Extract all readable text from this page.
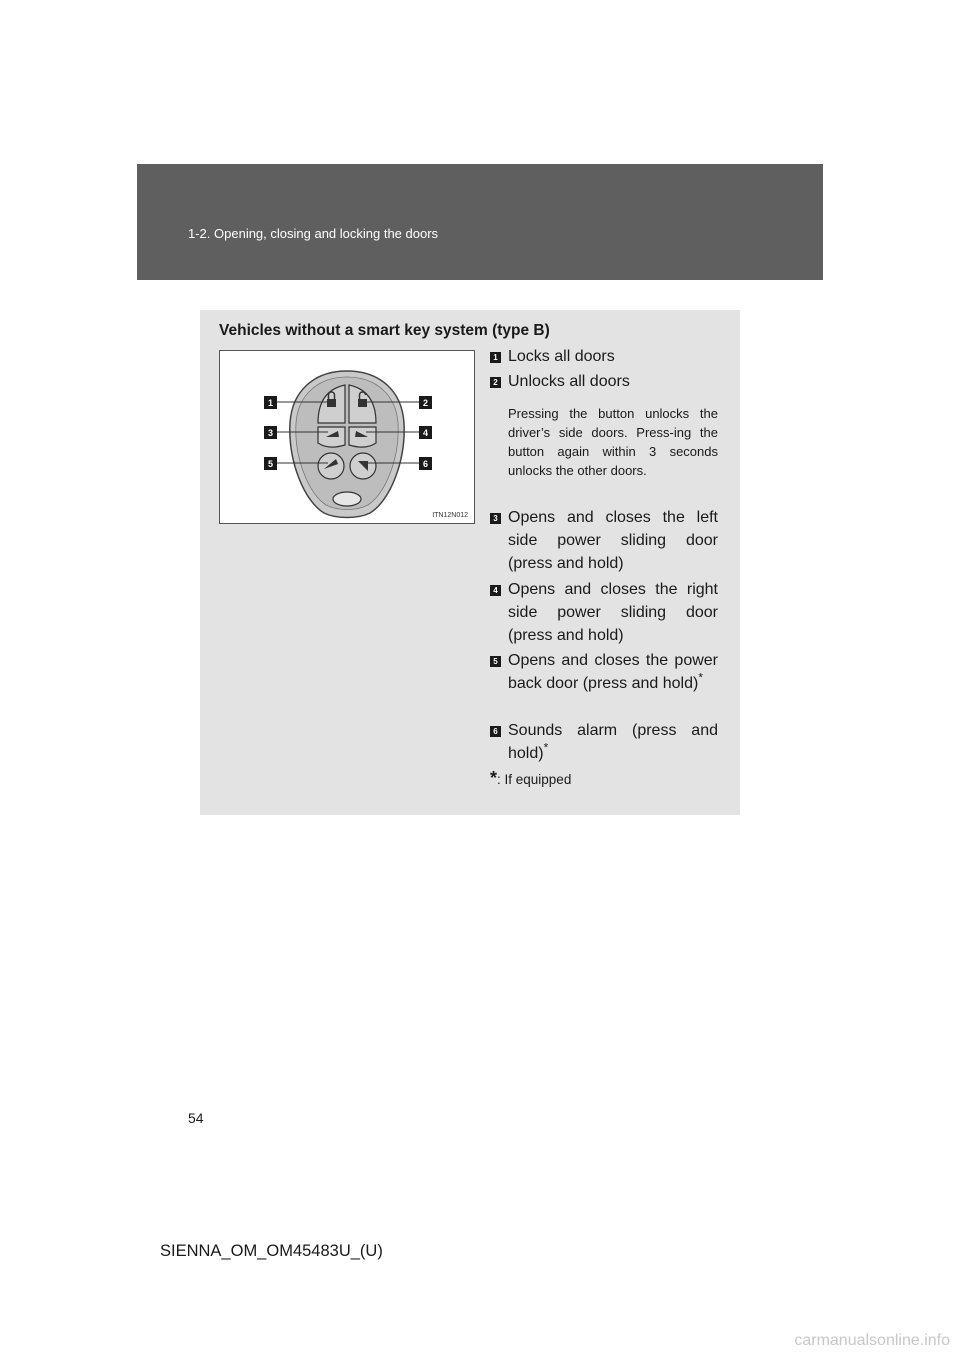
1-2. Opening, closing and locking the doors
Vehicles without a smart key system (type B)
1	2
3	4
5	6
ITN12N012
1 Locks all doors
2 Unlocks all doors
Pressing the button unlocks the driver’s side doors. Press-ing the button again within 3 seconds unlocks the other doors.
3 Opens and closes the left side power sliding door (press and hold)
4 Opens and closes the right side power sliding door (press and hold)
5 Opens and closes the power back door (press and hold)*
6 Sounds alarm (press and hold)*
*: If equipped
54
SIENNA_OM_OM45483U_(U)
carmanualsonline.info
